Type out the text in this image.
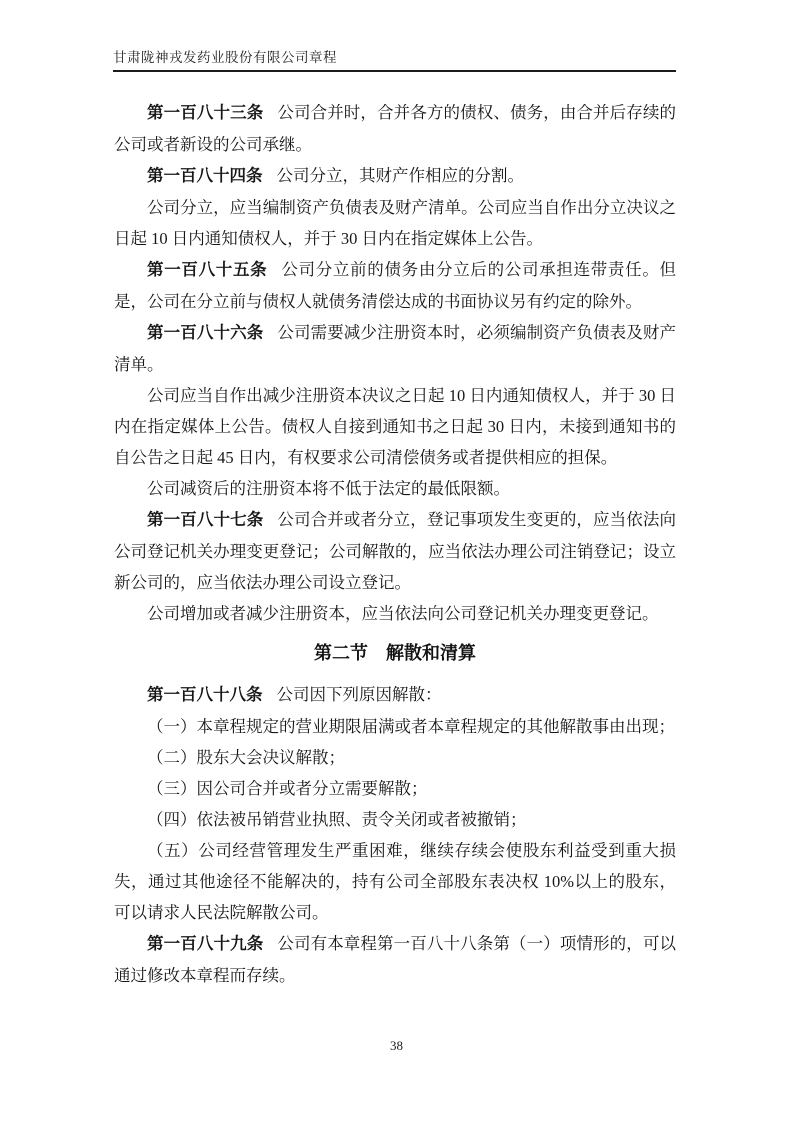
甘肃陇神戎发药业股份有限公司章程

第一百八十三条 公司合并时，合并各方的债权、债务，由合并后存续的公司或者新设的公司承继。

第一百八十四条 公司分立，其财产作相应的分割。

公司分立，应当编制资产负债表及财产清单。公司应当自作出分立决议之日起 10 日内通知债权人，并于 30 日内在指定媒体上公告。

第一百八十五条 公司分立前的债务由分立后的公司承担连带责任。但是，公司在分立前与债权人就债务清偿达成的书面协议另有约定的除外。

第一百八十六条 公司需要减少注册资本时，必须编制资产负债表及财产清单。

公司应当自作出减少注册资本决议之日起 10 日内通知债权人，并于 30 日内在指定媒体上公告。债权人自接到通知书之日起 30 日内，未接到通知书的自公告之日起 45 日内，有权要求公司清偿债务或者提供相应的担保。

公司减资后的注册资本将不低于法定的最低限额。

第一百八十七条 公司合并或者分立，登记事项发生变更的，应当依法向公司登记机关办理变更登记；公司解散的，应当依法办理公司注销登记；设立新公司的，应当依法办理公司设立登记。

公司增加或者减少注册资本，应当依法向公司登记机关办理变更登记。

第二节　解散和清算

第一百八十八条 公司因下列原因解散：

（一）本章程规定的营业期限届满或者本章程规定的其他解散事由出现；

（二）股东大会决议解散；

（三）因公司合并或者分立需要解散；

（四）依法被吊销营业执照、责令关闭或者被撤销；

（五）公司经营管理发生严重困难，继续存续会使股东利益受到重大损失，通过其他途径不能解决的，持有公司全部股东表决权 10%以上的股东，可以请求人民法院解散公司。

第一百八十九条 公司有本章程第一百八十八条第（一）项情形的，可以通过修改本章程而存续。

38
